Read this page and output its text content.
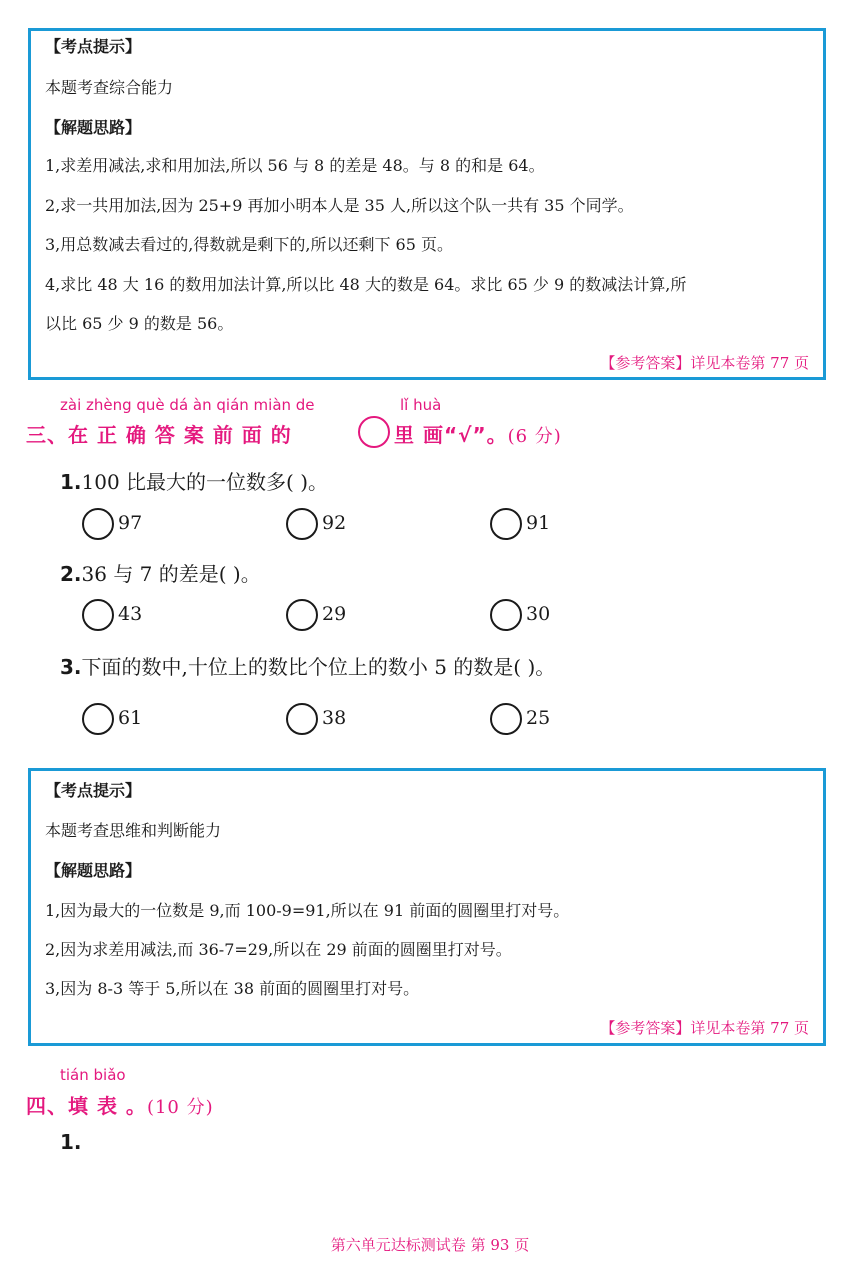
【考点提示】
本题考查综合能力
【解题思路】
1,求差用减法,求和用加法,所以 56 与 8 的差是 48。与 8 的和是 64。
2,求一共用加法,因为 25+9 再加小明本人是 35 人,所以这个队一共有 35 个同学。
3,用总数减去看过的,得数就是剩下的,所以还剩下 65 页。
4,求比 48 大 16 的数用加法计算,所以比 48 大的数是 64。求比 65 少 9 的数减法计算,所
以比 65 少 9 的数是 56。
【参考答案】详见本卷第 77 页
zài zhèng què dá àn qián miàn de	lǐ huà
三、在 正 确 答 案 前 面 的	里 画“√”。(6 分)
1.100 比最大的一位数多( )。
97	92	91
2.36 与 7 的差是( )。
43	29	30
3.下面的数中,十位上的数比个位上的数小 5 的数是( )。
61	38	25
【考点提示】
本题考查思维和判断能力
【解题思路】
1,因为最大的一位数是 9,而 100-9=91,所以在 91 前面的圆圈里打对号。
2,因为求差用减法,而 36-7=29,所以在 29 前面的圆圈里打对号。
3,因为 8-3 等于 5,所以在 38 前面的圆圈里打对号。
【参考答案】详见本卷第 77 页
tián biǎo
四、填 表 。(10 分)
1.
第六单元达标测试卷 第 93 页
